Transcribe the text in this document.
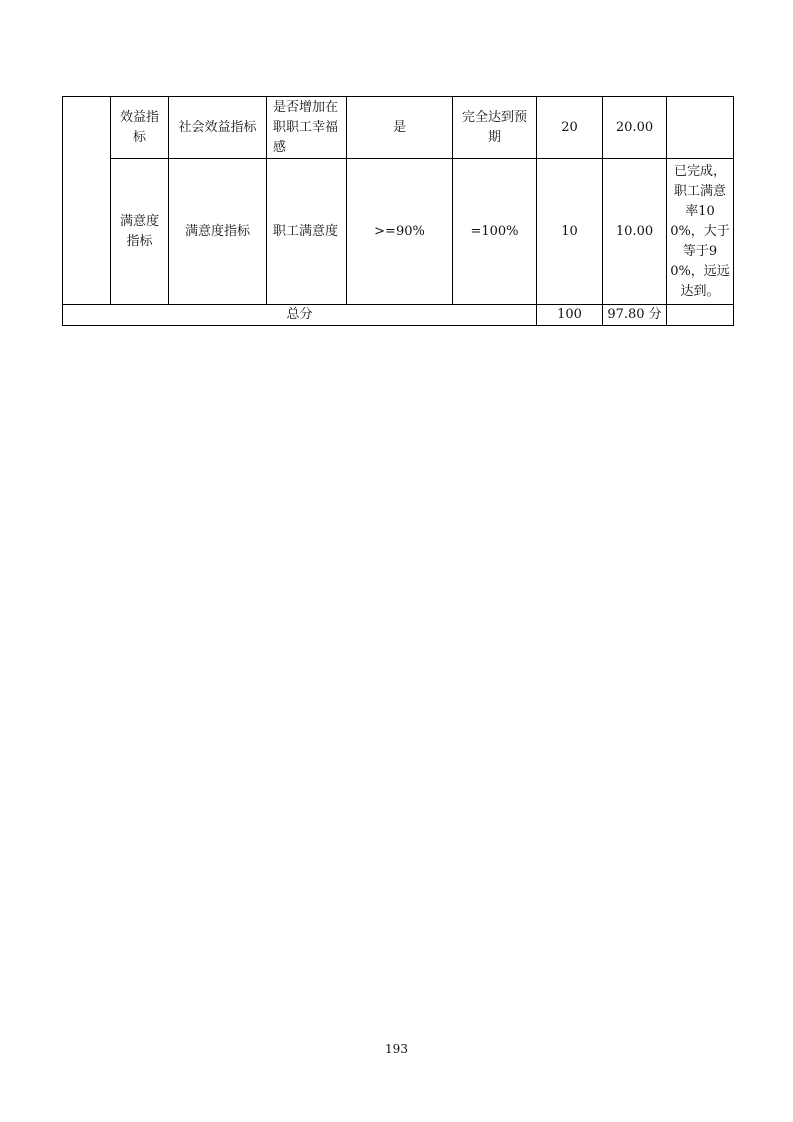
	效益指标	社会效益指标	是否增加在职职工幸福感	是	完全达到预期	20	20.00	
	满意度指标	满意度指标	职工满意度	>=90%	=100%	10	10.00	已完成，职工满意率100%，大于等于90%，远远达到。
总分						100	97.80 分	
193
